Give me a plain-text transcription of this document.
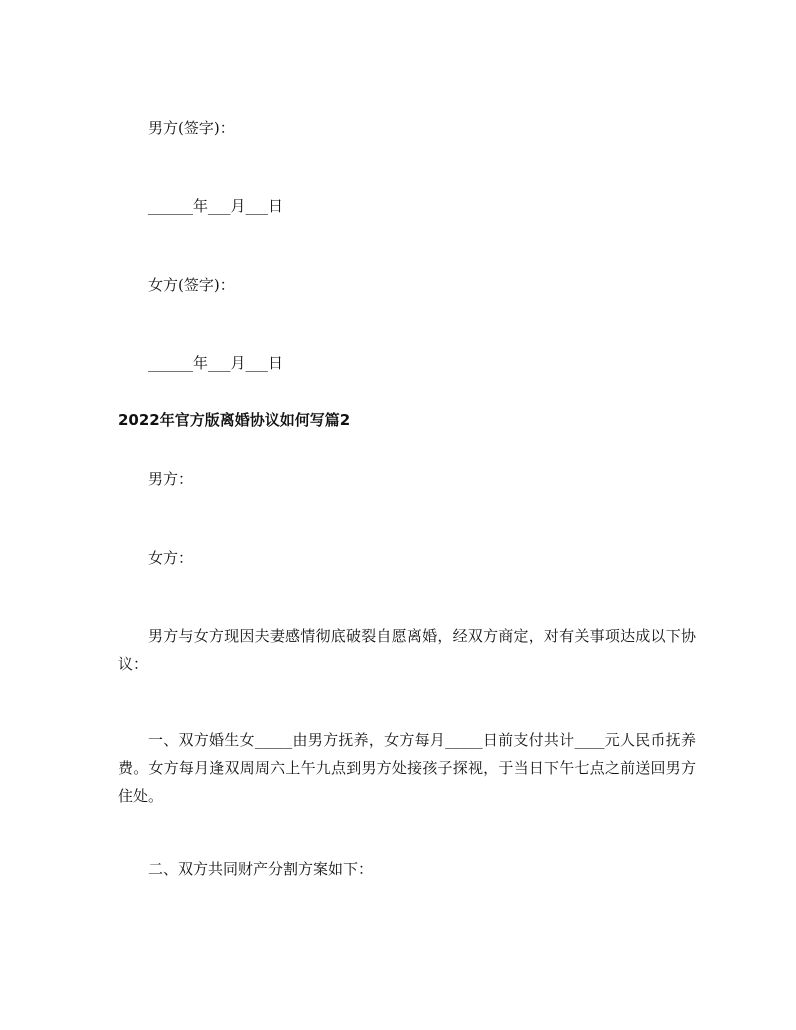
男方(签字)：
______年___月___日
女方(签字)：
______年___月___日
2022年官方版离婚协议如何写篇2
男方：
女方：
男方与女方现因夫妻感情彻底破裂自愿离婚，经双方商定，对有关事项达成以下协议：
一、双方婚生女_____由男方抚养，女方每月_____日前支付共计____元人民币抚养费。女方每月逢双周周六上午九点到男方处接孩子探视，于当日下午七点之前送回男方住处。
二、双方共同财产分割方案如下：
